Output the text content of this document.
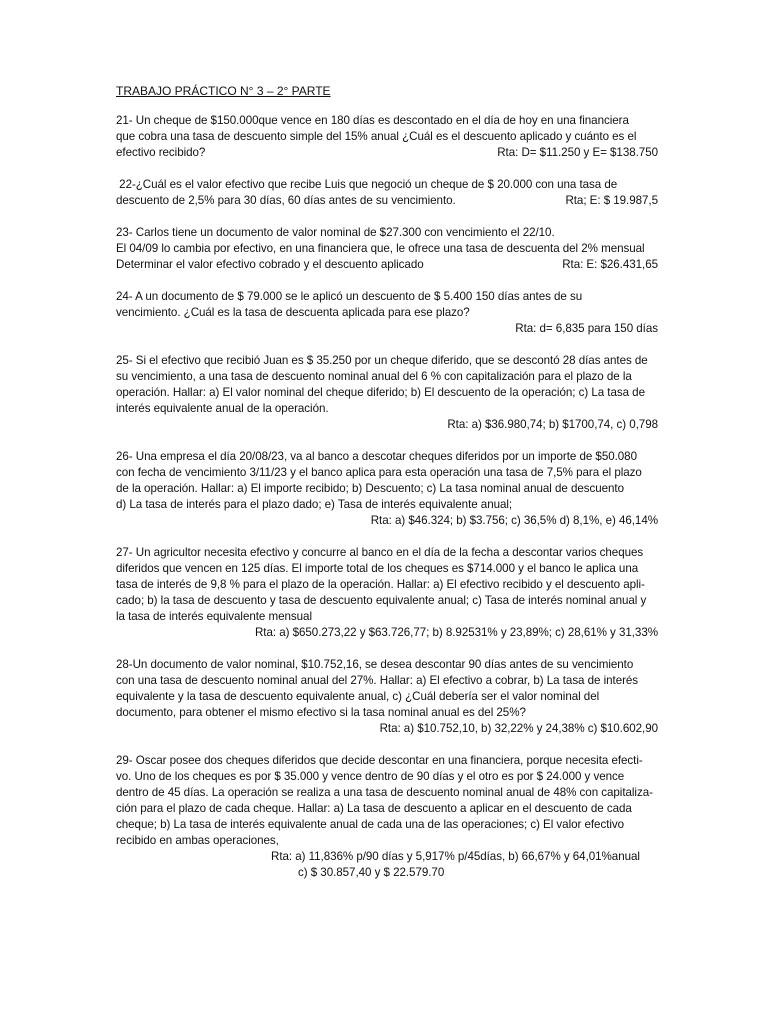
TRABAJO PRÁCTICO N° 3 – 2° PARTE

21- Un cheque de $150.000que vence en 180 días es descontado en el día de hoy en una financiera

que cobra una tasa de descuento simple del 15% anual ¿Cuál es el descuento aplicado y cuánto es el

efectivo recibido?	Rta: D= $11.250 y E= $138.750

22-¿Cuál es el valor efectivo que recibe Luis que negoció un cheque de $ 20.000 con una tasa de

descuento de 2,5% para 30 días, 60 días antes de su vencimiento.	Rta; E: $ 19.987,5

23- Carlos tiene un documento de valor nominal de $27.300 con vencimiento el 22/10.

El 04/09 lo cambia por efectivo, en una financiera que, le ofrece una tasa de descuenta del 2% mensual

Determinar el valor efectivo cobrado y el descuento aplicado	Rta: E: $26.431,65

24- A un documento de $ 79.000 se le aplicó un descuento de $ 5.400 150 días antes de su

vencimiento. ¿Cuál es la tasa de descuenta aplicada para ese plazo?

Rta: d= 6,835 para 150 días

25- Si el efectivo que recibió Juan es $ 35.250 por un cheque diferido, que se descontó 28 días antes de

su vencimiento, a una tasa de descuento nominal anual del 6 % con capitalización para el plazo de la

operación. Hallar: a) El valor nominal del cheque diferido; b) El descuento de la operación; c) La tasa de

interés equivalente anual de la operación.

Rta: a) $36.980,74; b) $1700,74, c) 0,798

26- Una empresa el día 20/08/23, va al banco a descotar cheques diferidos por un importe de $50.080

con fecha de vencimiento 3/11/23 y el banco aplica para esta operación una tasa de 7,5% para el plazo

de la operación. Hallar: a) El importe recibido; b) Descuento; c) La tasa nominal anual de descuento

d) La tasa de interés para el plazo dado; e) Tasa de interés equivalente anual;

Rta: a) $46.324; b) $3.756; c) 36,5% d) 8,1%, e) 46,14%

27- Un agricultor necesita efectivo y concurre al banco en el día de la fecha a descontar varios cheques

diferidos que vencen en 125 días. El importe total de los cheques es $714.000 y el banco le aplica una

tasa de interés de 9,8 % para el plazo de la operación. Hallar: a) El efectivo recibido y el descuento apli-

cado; b) la tasa de descuento y tasa de descuento equivalente anual; c) Tasa de interés nominal anual y

la tasa de interés equivalente mensual

Rta: a) $650.273,22 y $63.726,77; b) 8.92531% y 23,89%; c) 28,61% y 31,33%

28-Un documento de valor nominal, $10.752,16, se desea descontar 90 días antes de su vencimiento

con una tasa de descuento nominal anual del 27%. Hallar: a) El efectivo a cobrar, b) La tasa de interés

equivalente y la tasa de descuento equivalente anual, c) ¿Cuál debería ser el valor nominal del

documento, para obtener el mismo efectivo si la tasa nominal anual es del 25%?

Rta: a) $10.752,10, b) 32,22% y 24,38% c) $10.602,90

29- Oscar posee dos cheques diferidos que decide descontar en una financiera, porque necesita efecti-

vo. Uno de los cheques es por $ 35.000 y vence dentro de 90 días y el otro es por $ 24.000 y vence

dentro de 45 días. La operación se realiza a una tasa de descuento nominal anual de 48% con capitaliza-

ción para el plazo de cada cheque. Hallar: a) La tasa de descuento a aplicar en el descuento de cada

cheque; b) La tasa de interés equivalente anual de cada una de las operaciones; c) El valor efectivo

recibido en ambas operaciones,

Rta: a) 11,836% p/90 días y 5,917% p/45días, b) 66,67% y 64,01%anual
c) $ 30.857,40 y $ 22.579.70
